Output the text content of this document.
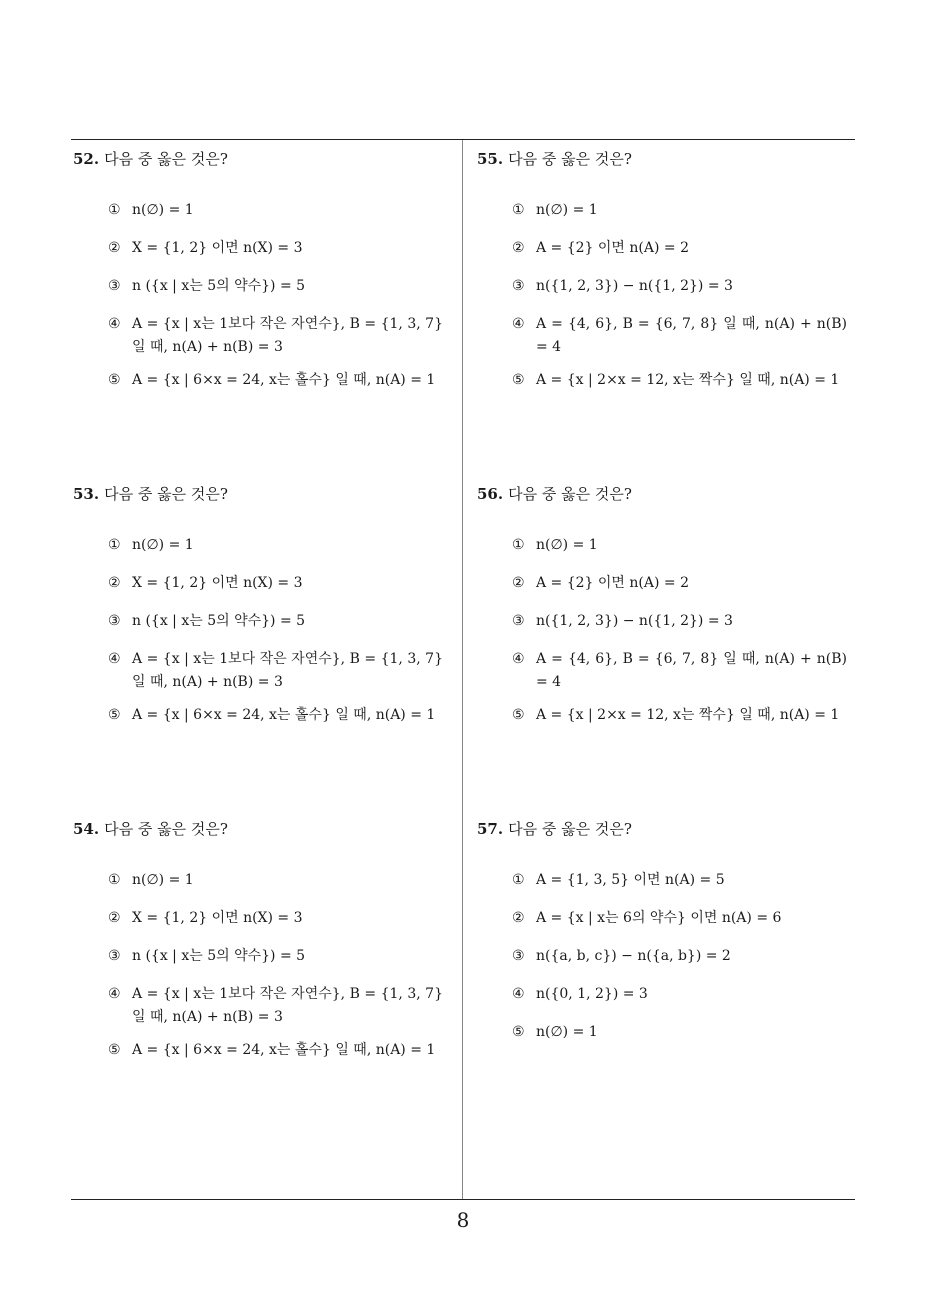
52. 다음 중 옳은 것은?
① n(∅) = 1
② X = {1, 2} 이면 n(X) = 3
③ n ({x | x는 5의 약수}) = 5
④ A = {x | x는 1보다 작은 자연수}, B = {1, 3, 7} 일 때, n(A) + n(B) = 3
⑤ A = {x | 6×x = 24, x는 홀수} 일 때, n(A) = 1
53. 다음 중 옳은 것은?
① n(∅) = 1
② X = {1, 2} 이면 n(X) = 3
③ n ({x | x는 5의 약수}) = 5
④ A = {x | x는 1보다 작은 자연수}, B = {1, 3, 7} 일 때, n(A) + n(B) = 3
⑤ A = {x | 6×x = 24, x는 홀수} 일 때, n(A) = 1
54. 다음 중 옳은 것은?
① n(∅) = 1
② X = {1, 2} 이면 n(X) = 3
③ n ({x | x는 5의 약수}) = 5
④ A = {x | x는 1보다 작은 자연수}, B = {1, 3, 7} 일 때, n(A) + n(B) = 3
⑤ A = {x | 6×x = 24, x는 홀수} 일 때, n(A) = 1
55. 다음 중 옳은 것은?
① n(∅) = 1
② A = {2} 이면 n(A) = 2
③ n({1, 2, 3}) − n({1, 2}) = 3
④ A = {4, 6}, B = {6, 7, 8} 일 때, n(A) + n(B) = 4
⑤ A = {x | 2×x = 12, x는 짝수} 일 때, n(A) = 1
56. 다음 중 옳은 것은?
① n(∅) = 1
② A = {2} 이면 n(A) = 2
③ n({1, 2, 3}) − n({1, 2}) = 3
④ A = {4, 6}, B = {6, 7, 8} 일 때, n(A) + n(B) = 4
⑤ A = {x | 2×x = 12, x는 짝수} 일 때, n(A) = 1
57. 다음 중 옳은 것은?
① A = {1, 3, 5} 이면 n(A) = 5
② A = {x | x는 6의 약수} 이면 n(A) = 6
③ n({a, b, c}) − n({a, b}) = 2
④ n({0, 1, 2}) = 3
⑤ n(∅) = 1
8
